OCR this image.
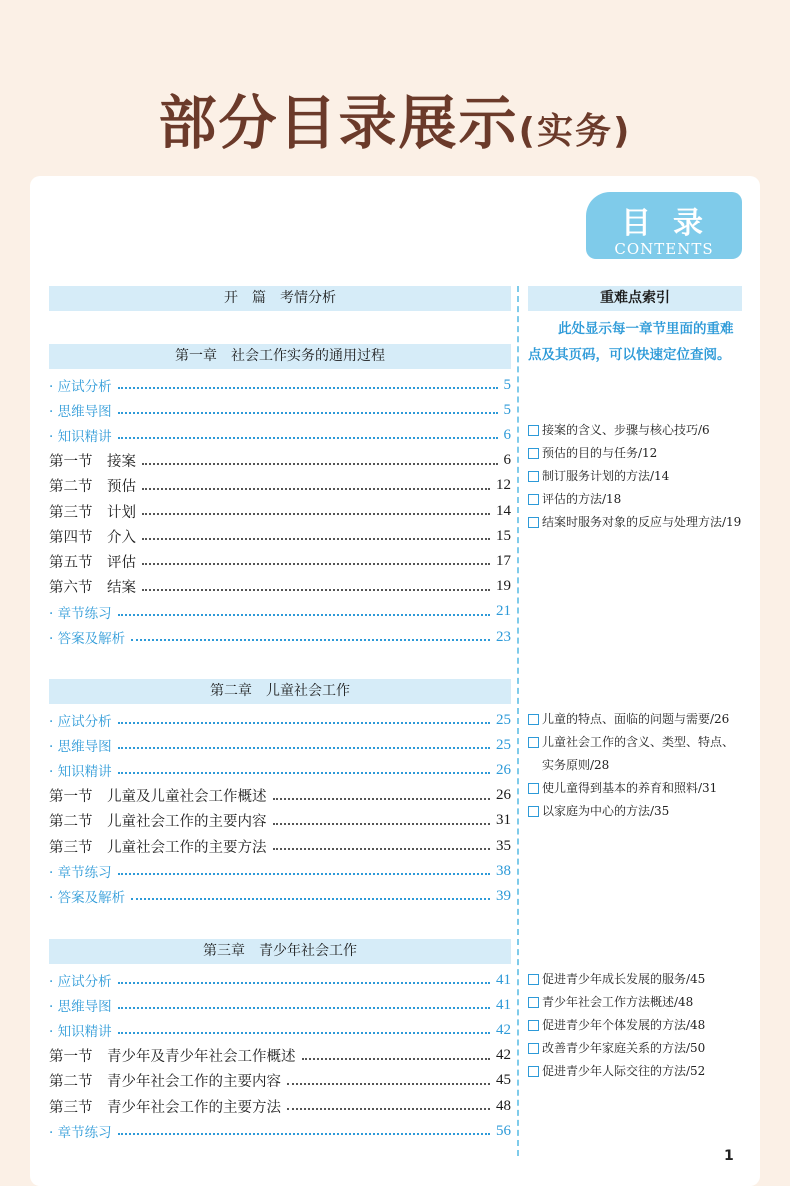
部分目录展示(实务)
目录
CONTENTS
开　篇　考情分析	重难点索引
第一章　社会工作实务的通用过程
· 应试分析	5
· 思维导图	5
· 知识精讲	6
第一节　接案	6
第二节　预估	12
第三节　计划	14
第四节　介入	15
第五节　评估	17
第六节　结案	19
· 章节练习	21
· 答案及解析	23
第二章　儿童社会工作
· 应试分析	25
· 思维导图	25
· 知识精讲	26
第一节　儿童及儿童社会工作概述	26
第二节　儿童社会工作的主要内容	31
第三节　儿童社会工作的主要方法	35
· 章节练习	38
· 答案及解析	39
第三章　青少年社会工作
· 应试分析	41
· 思维导图	41
· 知识精讲	42
第一节　青少年及青少年社会工作概述	42
第二节　青少年社会工作的主要内容	45
第三节　青少年社会工作的主要方法	48
· 章节练习	56
此处显示每一章节里面的重难点及其页码，可以快速定位查阅。
接案的含义、步骤与核心技巧/6
预估的目的与任务/12
制订服务计划的方法/14
评估的方法/18
结案时服务对象的反应与处理方法/19
儿童的特点、面临的问题与需要/26
儿童社会工作的含义、类型、特点、实务原则/28
使儿童得到基本的养育和照料/31
以家庭为中心的方法/35
促进青少年成长发展的服务/45
青少年社会工作方法概述/48
促进青少年个体发展的方法/48
改善青少年家庭关系的方法/50
促进青少年人际交往的方法/52
1
